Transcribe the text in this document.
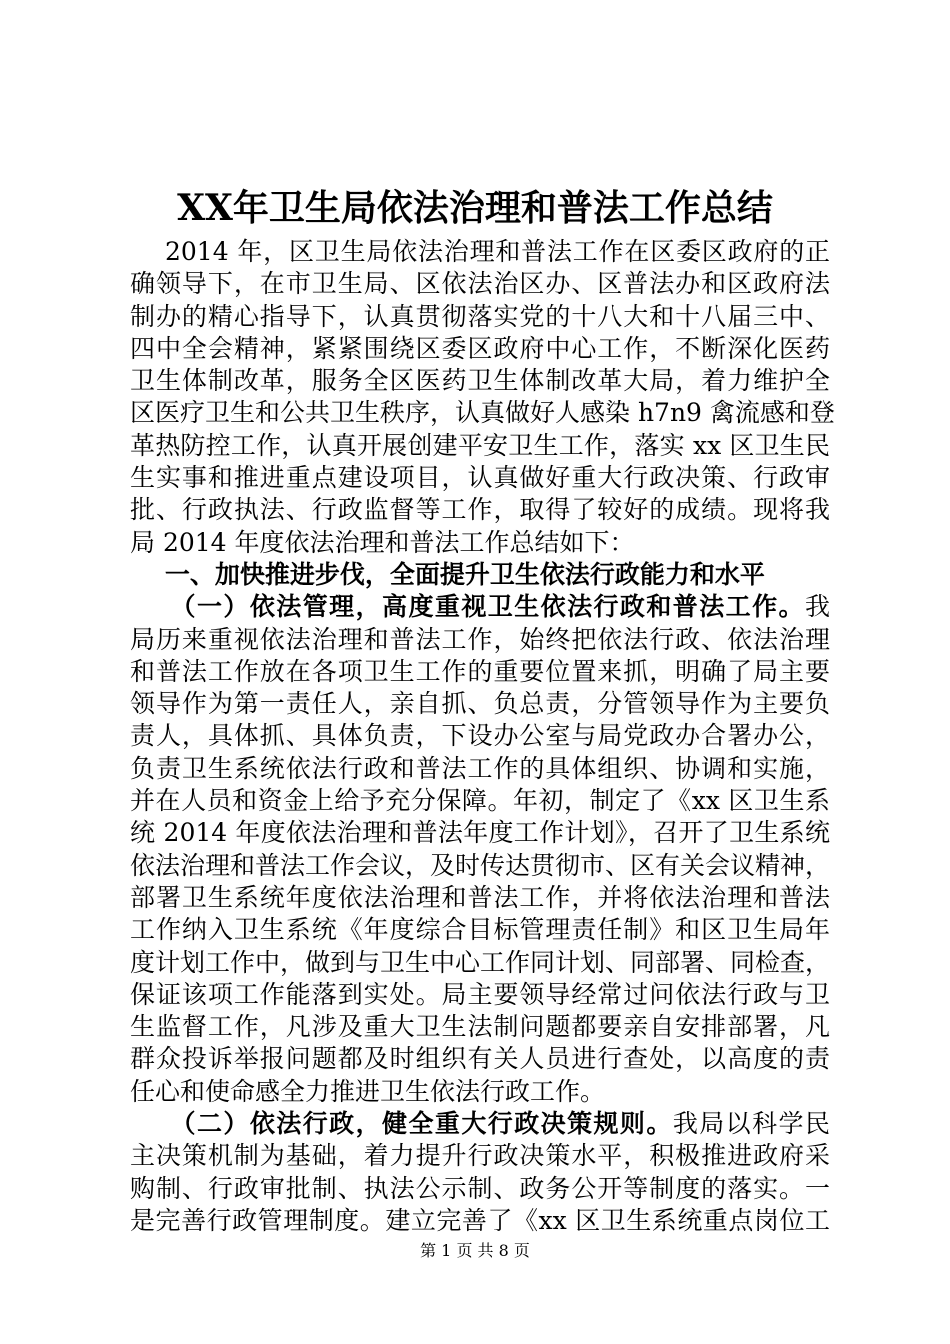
XX年卫生局依法治理和普法工作总结
2014 年，区卫生局依法治理和普法工作在区委区政府的正
确领导下，在市卫生局、区依法治区办、区普法办和区政府法
制办的精心指导下，认真贯彻落实党的十八大和十八届三中、
四中全会精神，紧紧围绕区委区政府中心工作，不断深化医药
卫生体制改革，服务全区医药卫生体制改革大局，着力维护全
区医疗卫生和公共卫生秩序，认真做好人感染 h7n9 禽流感和登
革热防控工作，认真开展创建平安卫生工作，落实 xx 区卫生民
生实事和推进重点建设项目，认真做好重大行政决策、行政审
批、行政执法、行政监督等工作，取得了较好的成绩。现将我
局 2014 年度依法治理和普法工作总结如下：
一、加快推进步伐，全面提升卫生依法行政能力和水平
（一）依法管理，高度重视卫生依法行政和普法工作。我
局历来重视依法治理和普法工作，始终把依法行政、依法治理
和普法工作放在各项卫生工作的重要位置来抓，明确了局主要
领导作为第一责任人，亲自抓、负总责，分管领导作为主要负
责人，具体抓、具体负责，下设办公室与局党政办合署办公，
负责卫生系统依法行政和普法工作的具体组织、协调和实施，
并在人员和资金上给予充分保障。年初，制定了《xx 区卫生系
统 2014 年度依法治理和普法年度工作计划》，召开了卫生系统
依法治理和普法工作会议，及时传达贯彻市、区有关会议精神，
部署卫生系统年度依法治理和普法工作，并将依法治理和普法
工作纳入卫生系统《年度综合目标管理责任制》和区卫生局年
度计划工作中，做到与卫生中心工作同计划、同部署、同检查，
保证该项工作能落到实处。局主要领导经常过问依法行政与卫
生监督工作，凡涉及重大卫生法制问题都要亲自安排部署，凡
群众投诉举报问题都及时组织有关人员进行查处，以高度的责
任心和使命感全力推进卫生依法行政工作。
（二）依法行政，健全重大行政决策规则。我局以科学民
主决策机制为基础，着力提升行政决策水平，积极推进政府采
购制、行政审批制、执法公示制、政务公开等制度的落实。一
是完善行政管理制度。建立完善了《xx 区卫生系统重点岗位工
第 1 页 共 8 页
